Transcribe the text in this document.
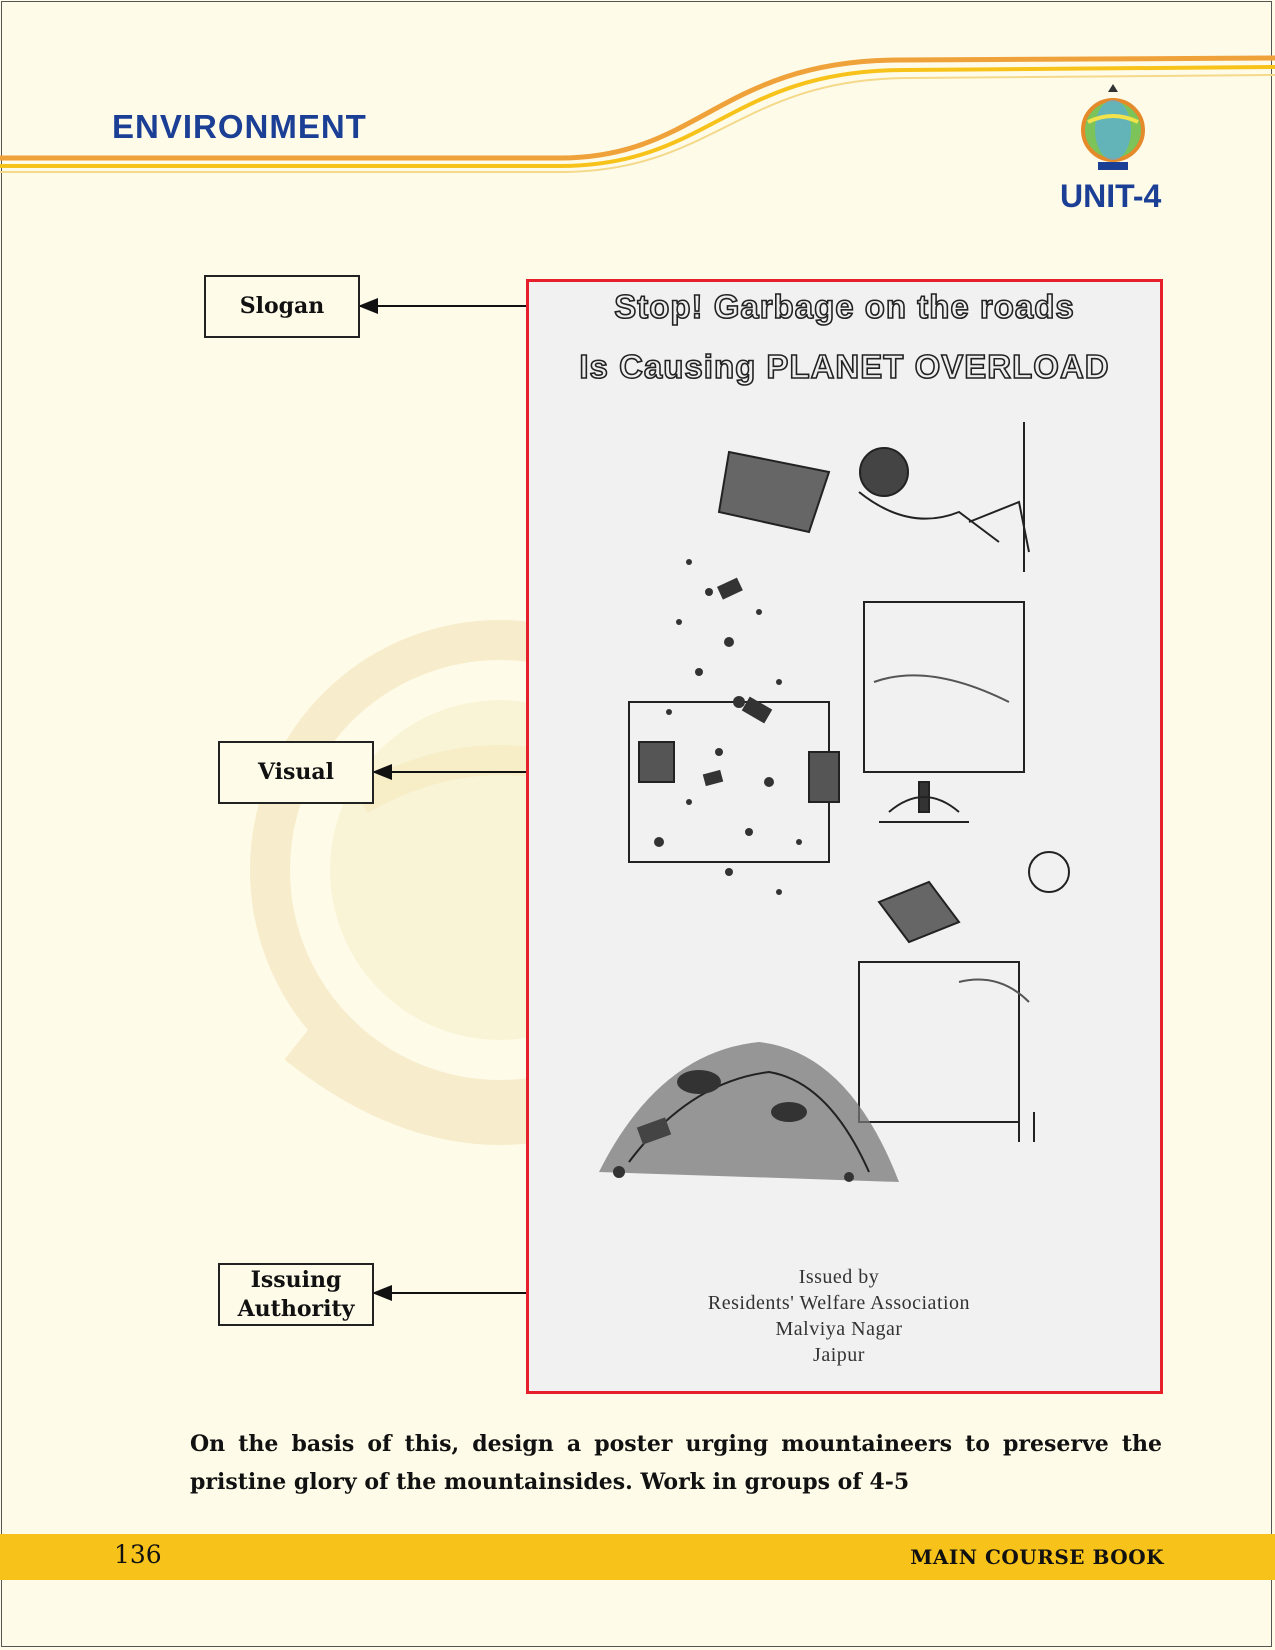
ENVIRONMENT
UNIT-4
Slogan
Visual
Issuing
Authority
Stop! Garbage on the roads
Is Causing PLANET OVERLOAD
Issued by
Residents' Welfare Association
Malviya Nagar
Jaipur
On the basis of this, design a poster urging mountaineers to preserve the pristine glory of the mountainsides. Work in groups of 4-5
136	MAIN COURSE BOOK
